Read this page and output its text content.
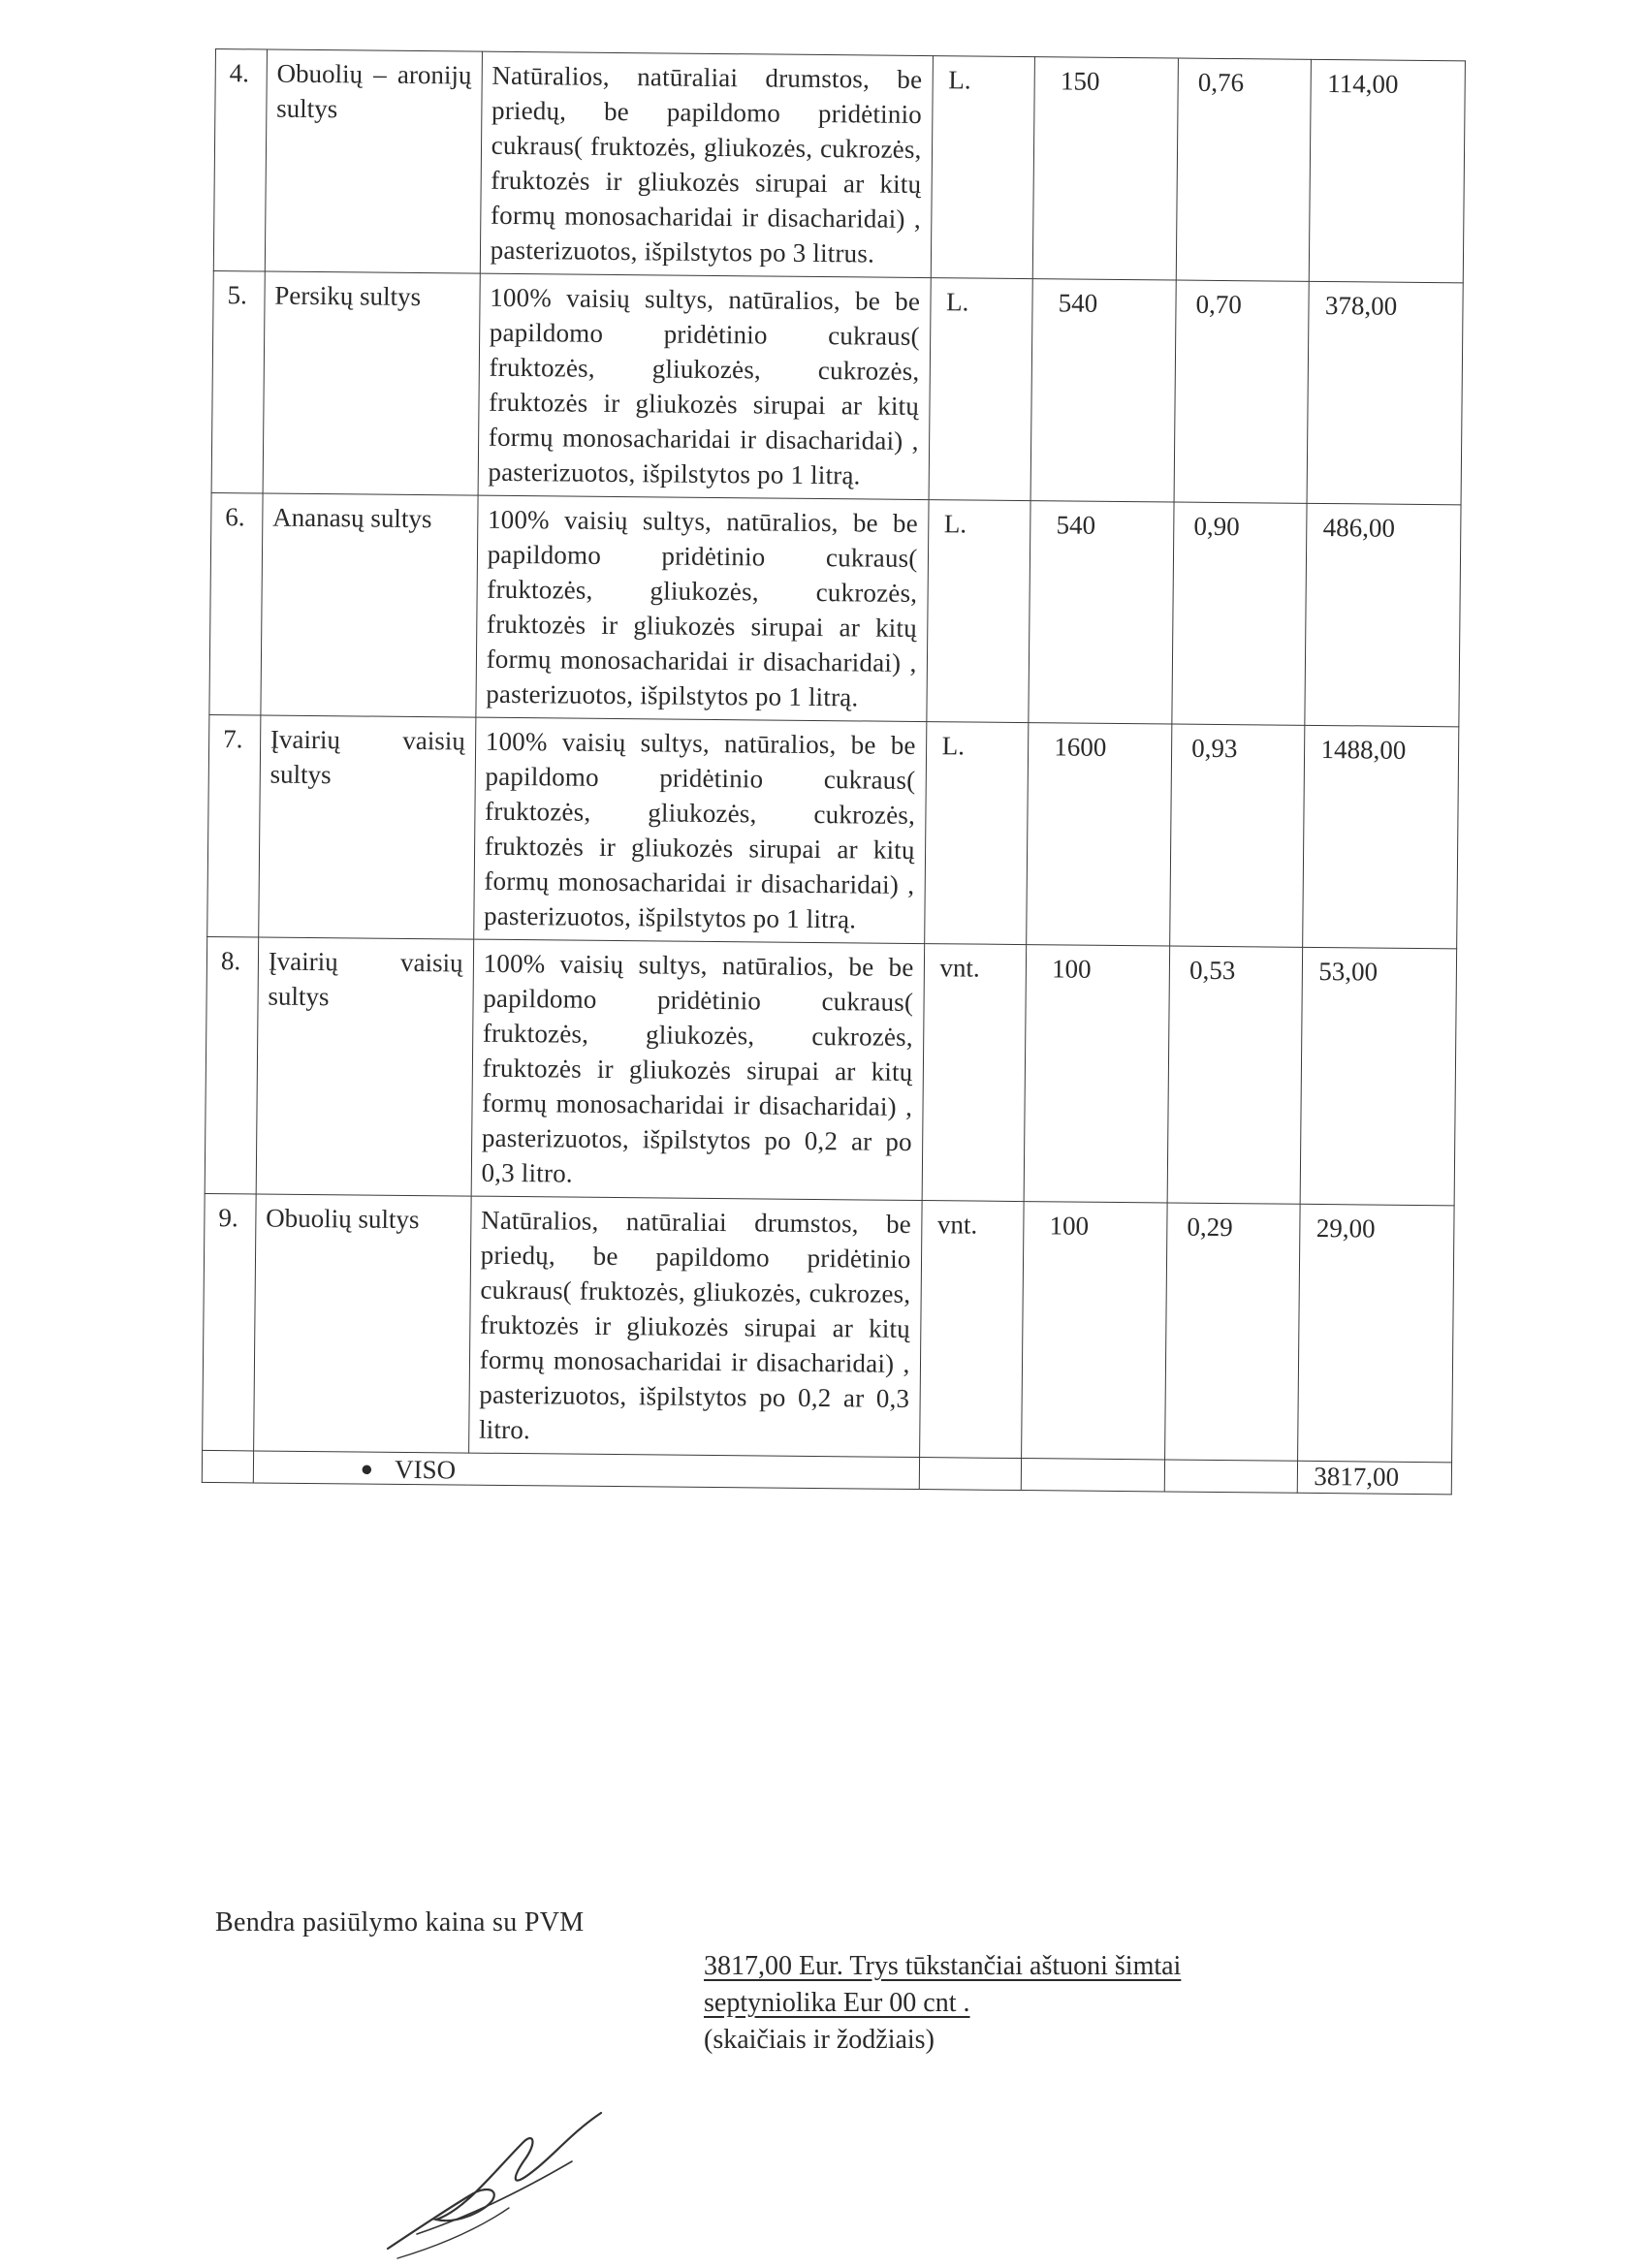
4.	Obuolių – aronijų sultys	Natūralios, natūraliai drumstos, be priedų, be papildomo pridėtinio cukraus( fruktozės, gliukozės, cukrozės, fruktozės ir gliukozės sirupai ar kitų formų monosacharidai ir disacharidai) , pasterizuotos, išpilstytos po 3 litrus.	L.	150	0,76	114,00
5.	Persikų sultys	100% vaisių sultys, natūralios, be be papildomo pridėtinio cukraus( fruktozės, gliukozės, cukrozės, fruktozės ir gliukozės sirupai ar kitų formų monosacharidai ir disacharidai) , pasterizuotos, išpilstytos po 1 litrą.	L.	540	0,70	378,00
6.	Ananasų sultys	100% vaisių sultys, natūralios, be be papildomo pridėtinio cukraus( fruktozės, gliukozės, cukrozės, fruktozės ir gliukozės sirupai ar kitų formų monosacharidai ir disacharidai) , pasterizuotos, išpilstytos po 1 litrą.	L.	540	0,90	486,00
7.	Įvairių vaisių sultys	100% vaisių sultys, natūralios, be be papildomo pridėtinio cukraus( fruktozės, gliukozės, cukrozės, fruktozės ir gliukozės sirupai ar kitų formų monosacharidai ir disacharidai) , pasterizuotos, išpilstytos po 1 litrą.	L.	1600	0,93	1488,00
8.	Įvairių vaisių sultys	100% vaisių sultys, natūralios, be be papildomo pridėtinio cukraus( fruktozės, gliukozės, cukrozės, fruktozės ir gliukozės sirupai ar kitų formų monosacharidai ir disacharidai) , pasterizuotos, išpilstytos po 0,2 ar po 0,3 litro.	vnt.	100	0,53	53,00
9.	Obuolių sultys	Natūralios, natūraliai drumstos, be priedų, be papildomo pridėtinio cukraus( fruktozės, gliukozės, cukrozes, fruktozės ir gliukozės sirupai ar kitų formų monosacharidai ir disacharidai) , pasterizuotos, išpilstytos po 0,2 ar 0,3 litro.	vnt.	100	0,29	29,00

	● VISO					3817,00
Bendra pasiūlymo kaina su PVM
3817,00 Eur. Trys tūkstančiai aštuoni šimtai
septyniolika Eur 00 cnt .
(skaičiais ir žodžiais)
